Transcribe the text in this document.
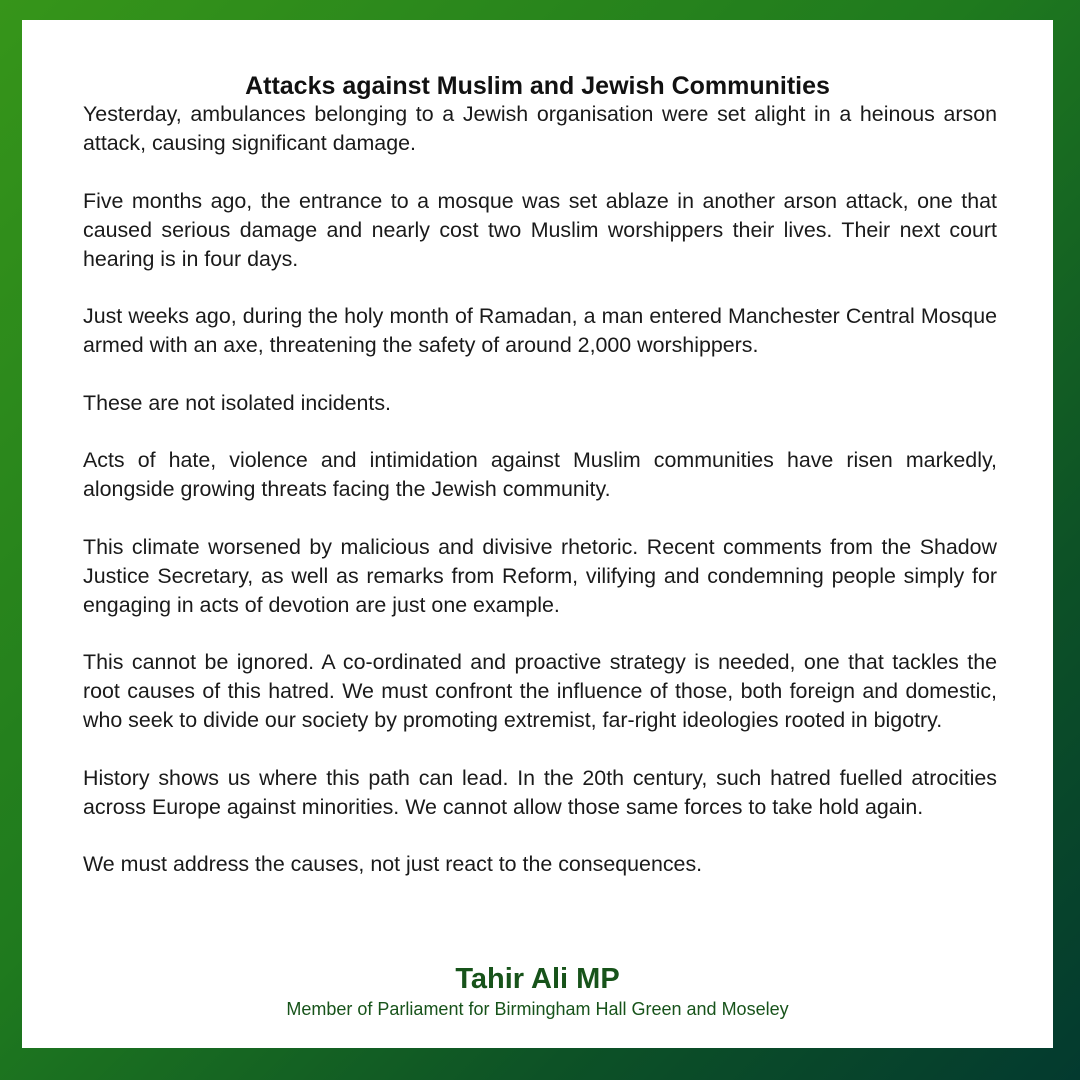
Attacks against Muslim and Jewish Communities

Yesterday, ambulances belonging to a Jewish organisation were set alight in a heinous arson attack, causing significant damage.

Five months ago, the entrance to a mosque was set ablaze in another arson attack, one that caused serious damage and nearly cost two Muslim worshippers their lives. Their next court hearing is in four days.

Just weeks ago, during the holy month of Ramadan, a man entered Manchester Central Mosque armed with an axe, threatening the safety of around 2,000 worshippers.

These are not isolated incidents.

Acts of hate, violence and intimidation against Muslim communities have risen markedly, alongside growing threats facing the Jewish community.

This climate worsened by malicious and divisive rhetoric. Recent comments from the Shadow Justice Secretary, as well as remarks from Reform, vilifying and condemning people simply for engaging in acts of devotion are just one example.

This cannot be ignored. A co-ordinated and proactive strategy is needed, one that tackles the root causes of this hatred. We must confront the influence of those, both foreign and domestic, who seek to divide our society by promoting extremist, far-right ideologies rooted in bigotry.

History shows us where this path can lead. In the 20th century, such hatred fuelled atrocities across Europe against minorities. We cannot allow those same forces to take hold again.

We must address the causes, not just react to the consequences.

Tahir Ali MP
Member of Parliament for Birmingham Hall Green and Moseley
